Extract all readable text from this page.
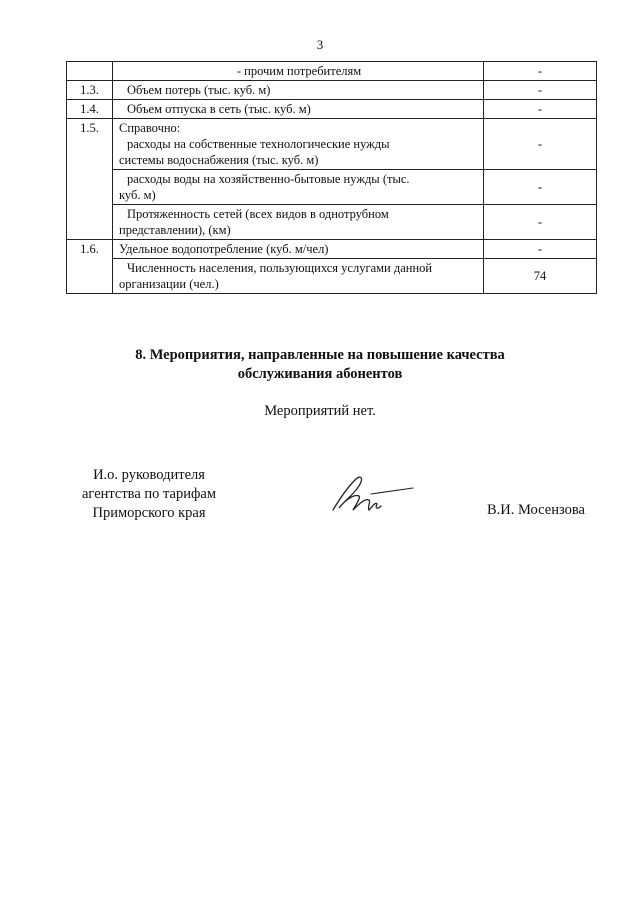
3
	- прочим потребителям	-
1.3.	Объем потерь (тыс. куб. м)	-
1.4.	Объем отпуска в сеть (тыс. куб. м)	-
1.5.	Справочно:
расходы на собственные технологические нужды
системы водоснабжения (тыс. куб. м)	-

	расходы воды на хозяйственно-бытовые нужды (тыс.
куб. м)	-

	Протяженность сетей (всех видов в однотрубном
представлении), (км)	-
1.6.	Удельное водопотребление (куб. м/чел)	-

	Численность населения, пользующихся услугами данной
организации (чел.)	74
8. Мероприятия, направленные на повышение качества
обслуживания абонентов
Мероприятий нет.
И.о. руководителя
агентства по тарифам
Приморского края	В.И. Мосензова
